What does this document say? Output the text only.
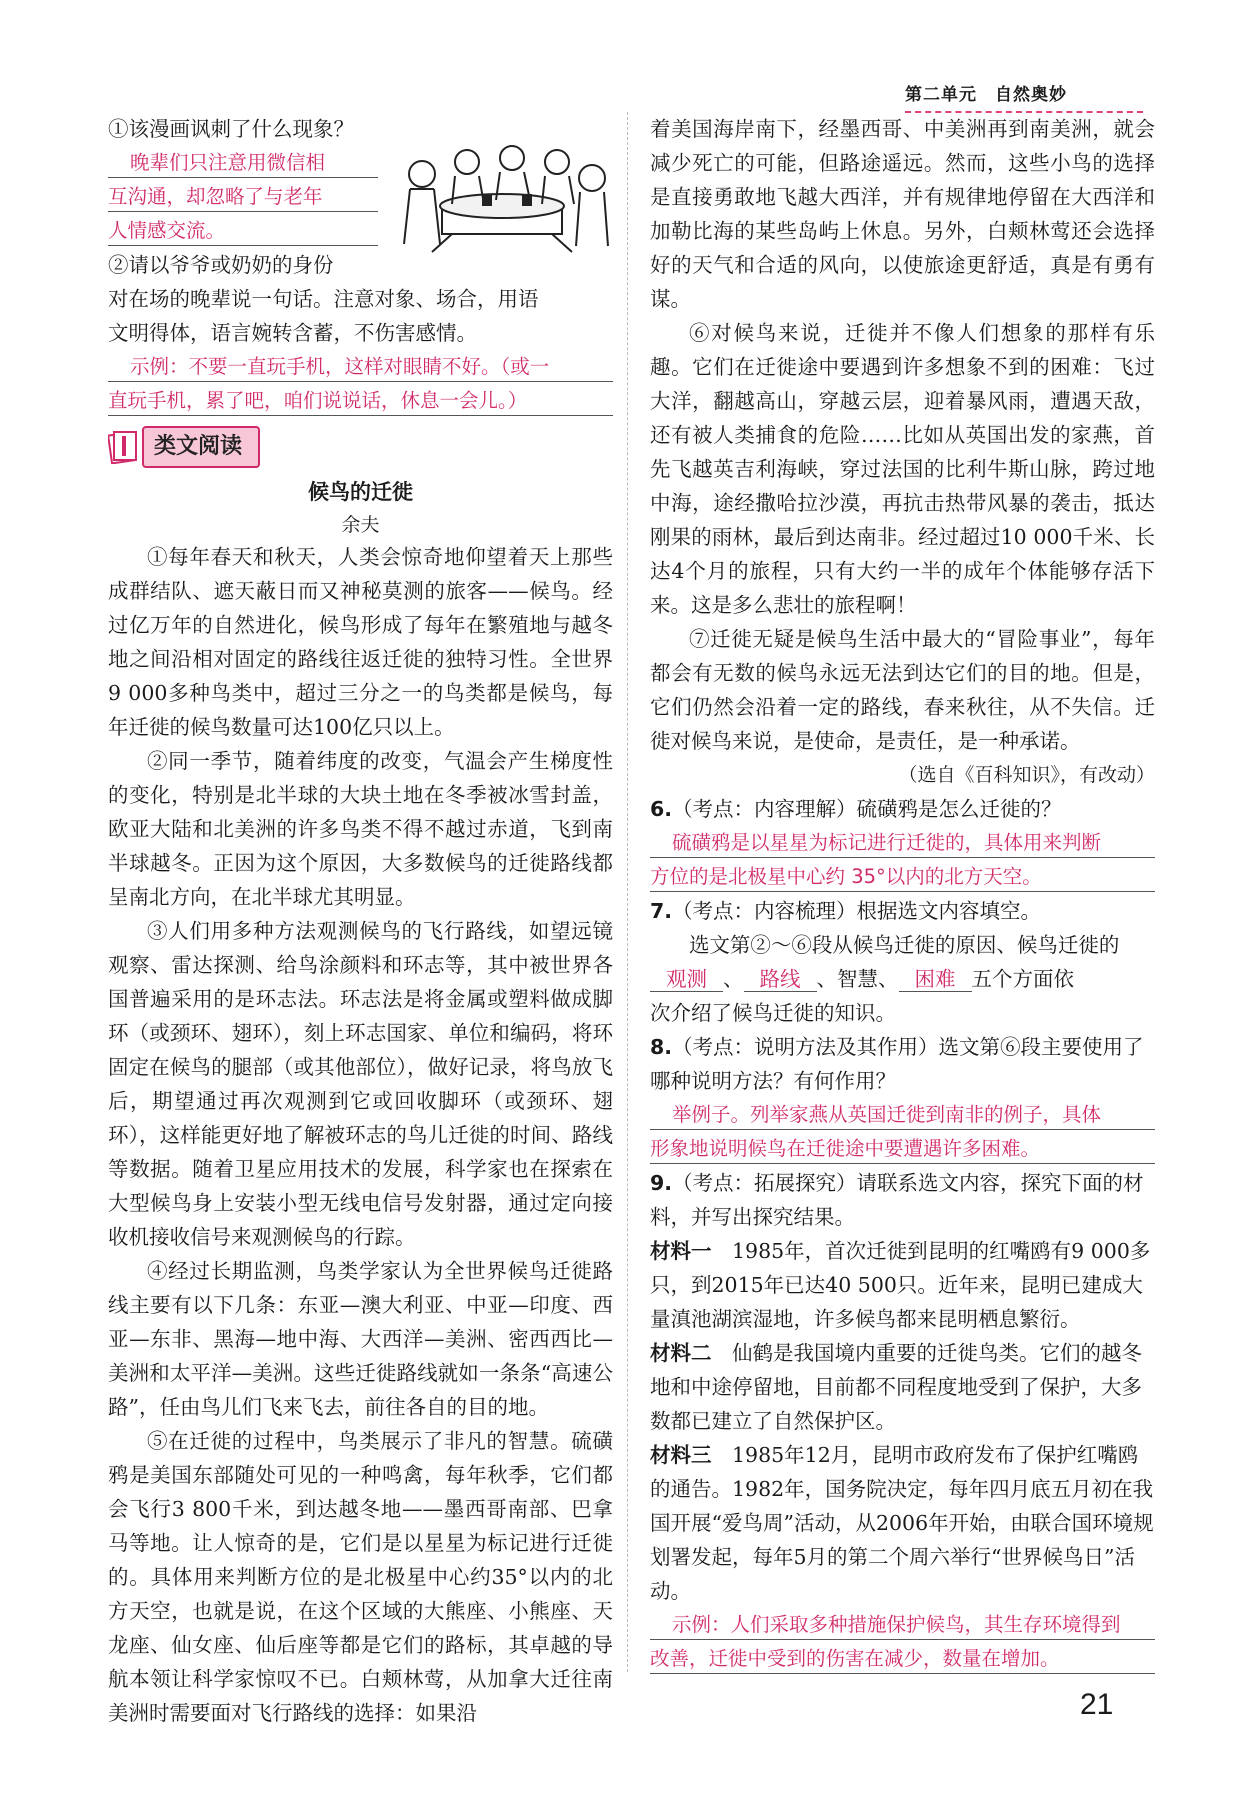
第二单元　自然奥妙
①该漫画讽刺了什么现象？
晚辈们只注意用微信相
互沟通，却忽略了与老年
人情感交流。
②请以爷爷或奶奶的身份
对在场的晚辈说一句话。注意对象、场合，用语
文明得体，语言婉转含蓄，不伤害感情。
示例：不要一直玩手机，这样对眼睛不好。（或一
直玩手机，累了吧，咱们说说话，休息一会儿。）
类文阅读
候鸟的迁徙
余夫

①每年春天和秋天，人类会惊奇地仰望着天上那些成群结队、遮天蔽日而又神秘莫测的旅客——候鸟。经过亿万年的自然进化，候鸟形成了每年在繁殖地与越冬地之间沿相对固定的路线往返迁徙的独特习性。全世界9 000多种鸟类中，超过三分之一的鸟类都是候鸟，每年迁徙的候鸟数量可达100亿只以上。

②同一季节，随着纬度的改变，气温会产生梯度性的变化，特别是北半球的大块土地在冬季被冰雪封盖，欧亚大陆和北美洲的许多鸟类不得不越过赤道，飞到南半球越冬。正因为这个原因，大多数候鸟的迁徙路线都呈南北方向，在北半球尤其明显。

③人们用多种方法观测候鸟的飞行路线，如望远镜观察、雷达探测、给鸟涂颜料和环志等，其中被世界各国普遍采用的是环志法。环志法是将金属或塑料做成脚环（或颈环、翅环），刻上环志国家、单位和编码，将环固定在候鸟的腿部（或其他部位），做好记录，将鸟放飞后，期望通过再次观测到它或回收脚环（或颈环、翅环），这样能更好地了解被环志的鸟儿迁徙的时间、路线等数据。随着卫星应用技术的发展，科学家也在探索在大型候鸟身上安装小型无线电信号发射器，通过定向接收机接收信号来观测候鸟的行踪。

④经过长期监测，鸟类学家认为全世界候鸟迁徙路线主要有以下几条：东亚—澳大利亚、中亚—印度、西亚—东非、黑海—地中海、大西洋—美洲、密西西比—美洲和太平洋—美洲。这些迁徙路线就如一条条“高速公路”，任由鸟儿们飞来飞去，前往各自的目的地。

⑤在迁徙的过程中，鸟类展示了非凡的智慧。硫磺鸦是美国东部随处可见的一种鸣禽，每年秋季，它们都会飞行3 800千米，到达越冬地——墨西哥南部、巴拿马等地。让人惊奇的是，它们是以星星为标记进行迁徙的。具体用来判断方位的是北极星中心约35°以内的北方天空，也就是说，在这个区域的大熊座、小熊座、天龙座、仙女座、仙后座等都是它们的路标，其卓越的导航本领让科学家惊叹不已。白颊林莺，从加拿大迁往南美洲时需要面对飞行路线的选择：如果沿

着美国海岸南下，经墨西哥、中美洲再到南美洲，就会减少死亡的可能，但路途遥远。然而，这些小鸟的选择是直接勇敢地飞越大西洋，并有规律地停留在大西洋和加勒比海的某些岛屿上休息。另外，白颊林莺还会选择好的天气和合适的风向，以使旅途更舒适，真是有勇有谋。

⑥对候鸟来说，迁徙并不像人们想象的那样有乐趣。它们在迁徙途中要遇到许多想象不到的困难：飞过大洋，翻越高山，穿越云层，迎着暴风雨，遭遇天敌，还有被人类捕食的危险……比如从英国出发的家燕，首先飞越英吉利海峡，穿过法国的比利牛斯山脉，跨过地中海，途经撒哈拉沙漠，再抗击热带风暴的袭击，抵达刚果的雨林，最后到达南非。经过超过10 000千米、长达4个月的旅程，只有大约一半的成年个体能够存活下来。这是多么悲壮的旅程啊！

⑦迁徙无疑是候鸟生活中最大的“冒险事业”，每年都会有无数的候鸟永远无法到达它们的目的地。但是，它们仍然会沿着一定的路线，春来秋往，从不失信。迁徙对候鸟来说，是使命，是责任，是一种承诺。

（选自《百科知识》，有改动）
6.（考点：内容理解）硫磺鸦是怎么迁徙的？
硫磺鸦是以星星为标记进行迁徙的，具体用来判断
方位的是北极星中心约 35°以内的北方天空。
7.（考点：内容梳理）根据选文内容填空。
选文第②～⑥段从候鸟迁徙的原因、候鸟迁徙的
观测 、 路线 、智慧、 困难 五个方面依
次介绍了候鸟迁徙的知识。
8.（考点：说明方法及其作用）选文第⑥段主要使用了哪种说明方法？有何作用？
举例子。列举家燕从英国迁徙到南非的例子，具体
形象地说明候鸟在迁徙途中要遭遇许多困难。
9.（考点：拓展探究）请联系选文内容，探究下面的材料，并写出探究结果。

材料一　 1985年，首次迁徙到昆明的红嘴鸥有9 000多只，到2015年已达40 500只。近年来，昆明已建成大量滇池湖滨湿地，许多候鸟都来昆明栖息繁衍。

材料二　 仙鹤是我国境内重要的迁徙鸟类。它们的越冬地和中途停留地，目前都不同程度地受到了保护，大多数都已建立了自然保护区。

材料三　 1985年12月，昆明市政府发布了保护红嘴鸥的通告。1982年，国务院决定，每年四月底五月初在我国开展“爱鸟周”活动，从2006年开始，由联合国环境规划署发起，每年5月的第二个周六举行“世界候鸟日”活动。

示例：人们采取多种措施保护候鸟，其生存环境得到
改善，迁徙中受到的伤害在减少，数量在增加。
21
